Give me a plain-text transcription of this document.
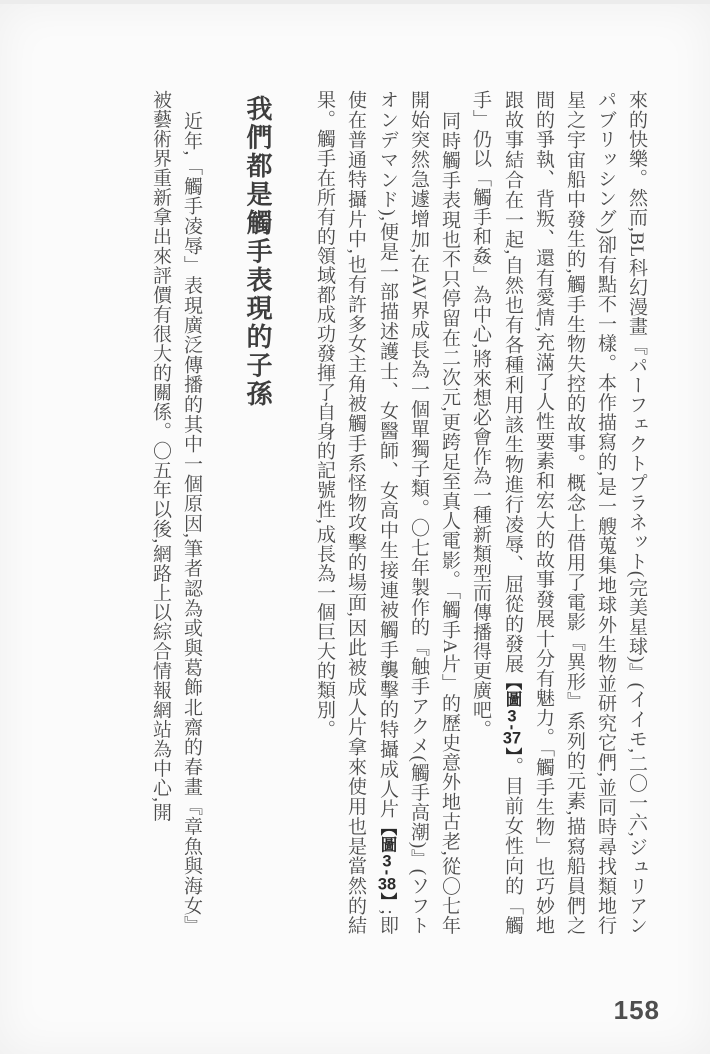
來的快樂。然而,BL科幻漫畫『パーフェクトプラネット(完美星球)』(イイモ,二〇一六,ジュリアンパブリッシング)卻有點不一樣。本作描寫的,是一艘蒐集地球外生物並研究它們,並同時尋找類地行星之宇宙船中發生的,觸手生物失控的故事。概念上借用了電影『異形』系列的元素,描寫船員們之間的爭執、背叛、還有愛情,充滿了人性要素和宏大的故事發展十分有魅力。「觸手生物」也巧妙地跟故事結合在一起,自然也有各種利用該生物進行凌辱、屈從的發展【圖3-37】。目前女性向的「觸手」仍以「觸手和姦」為中心,將來想必會作為一種新類型而傳播得更廣吧。

同時觸手表現也不只停留在二次元,更跨足至真人電影。「觸手A片」的歷史意外地古老,從〇七年開始突然急遽增加,在AV界成長為一個單獨子類。〇七年製作的『触手アクメ(觸手高潮)』(ソフトオンデマンド),便是一部描述護士、女醫師、女高中生接連被觸手襲擊的特攝成人片【圖3-38】;即使在普通特攝片中,也有許多女主角被觸手系怪物攻擊的場面,因此被成人片拿來使用也是當然的結果。觸手在所有的領域都成功發揮了自身的記號性,成長為一個巨大的類別。

我們都是觸手表現的子孫

近年,「觸手凌辱」表現廣泛傳播的其中一個原因,筆者認為或與葛飾北齋的春畫『章魚與海女』被藝術界重新拿出來評價有很大的關係。〇五年以後,網路上以綜合情報網站為中心,開

158
